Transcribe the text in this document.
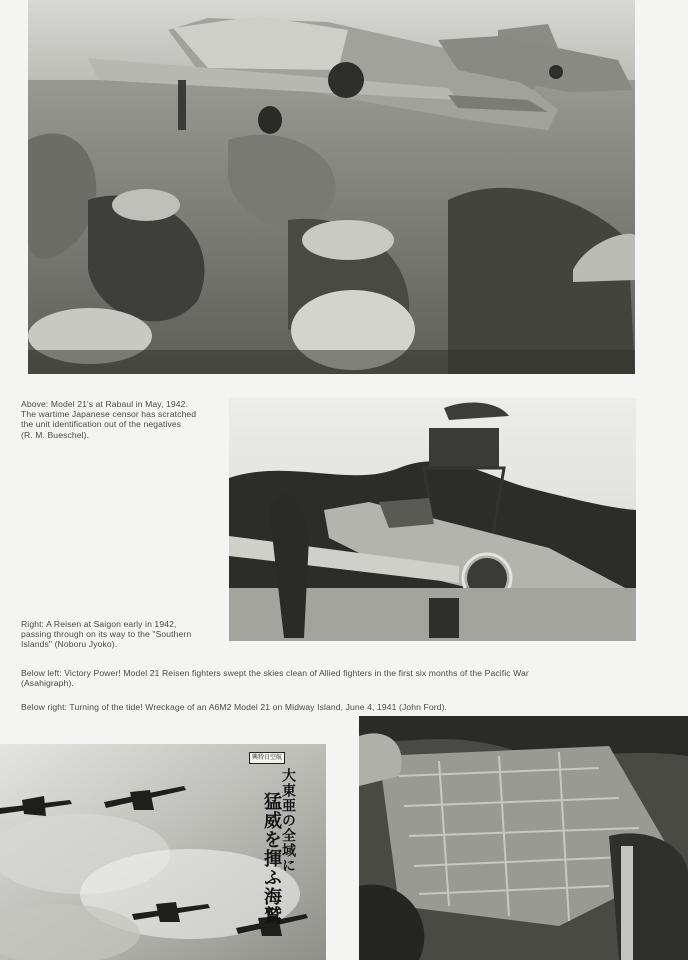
Above: Model 21's at Rabaul in May, 1942.
The wartime Japanese censor has scratched
the unit identification out of the negatives
(R. M. Bueschel).
Right: A Reisen at Saigon early in 1942,
passing through on its way to the "Southern
Islands" (Noboru Jyoko).
Below left: Victory Power! Model 21 Reisen fighters swept the skies clean of Allied fighters in the first six months of the Pacific War
(Asahigraph).
Below right: Turning of the tide! Wreckage of an A6M2 Model 21 on Midway Island, June 4, 1941 (John Ford).
興特日空航
大東亜の全域に
猛威を揮ふ海鷲
